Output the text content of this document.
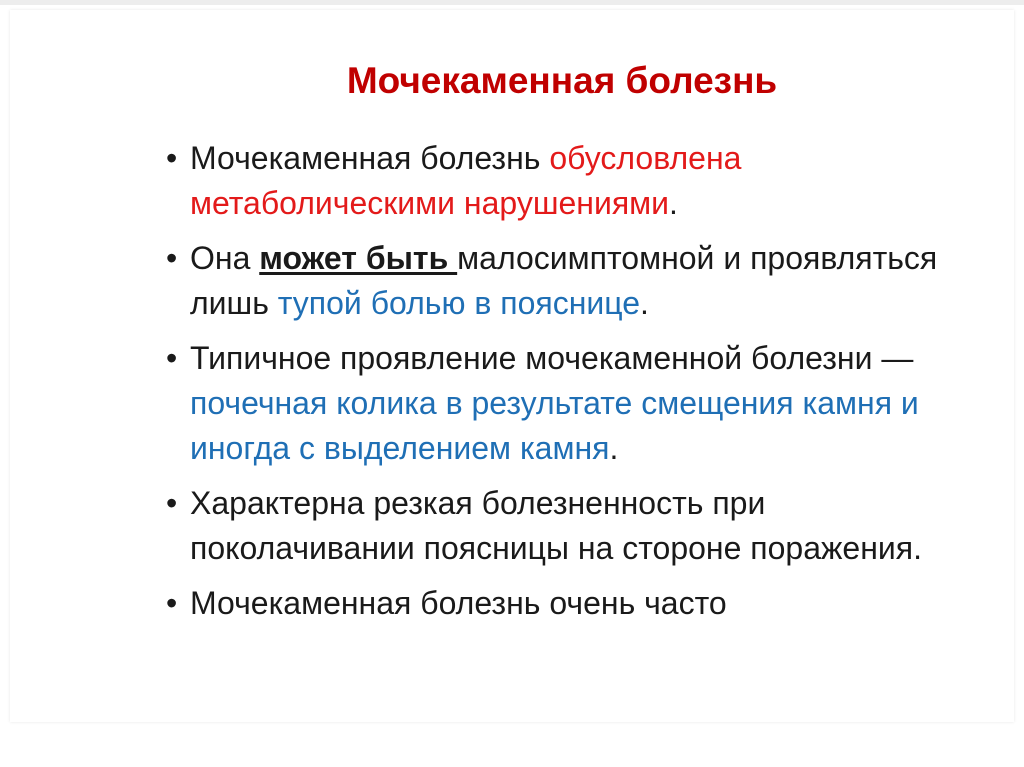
Мочекаменная болезнь
• Мочекаменная болезнь обусловлена метаболическими нарушениями.
• Она может быть малосимптомной и проявляться лишь тупой болью в пояснице.
• Типичное проявление мочекаменной болезни — почечная колика в результате смещения камня и иногда с выделением камня.
• Характерна резкая болезненность при поколачивании поясницы на стороне поражения.
• Мочекаменная болезнь очень часто
